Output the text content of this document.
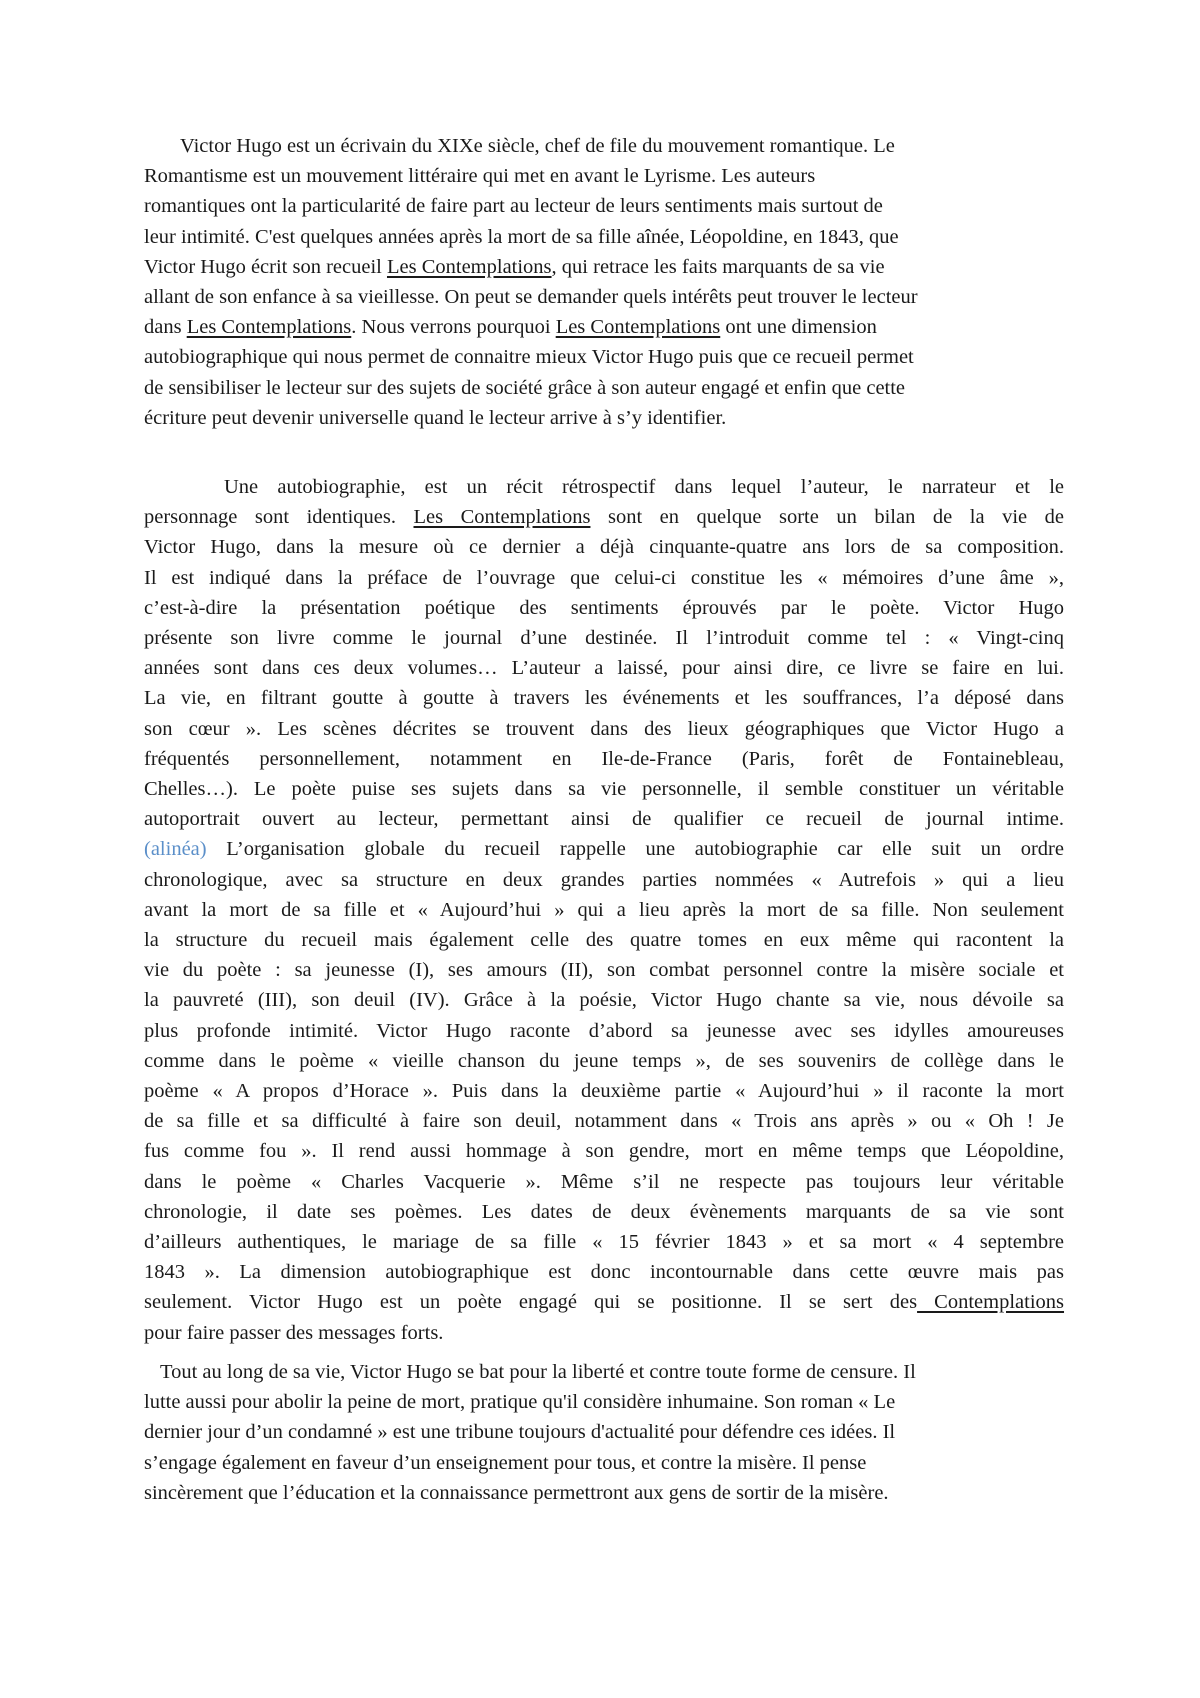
Victor Hugo est un écrivain du XIXe siècle, chef de file du mouvement romantique. Le
Romantisme est un mouvement littéraire qui met en avant le Lyrisme. Les auteurs
romantiques ont la particularité de faire part au lecteur de leurs sentiments mais surtout de
leur intimité. C'est quelques années après la mort de sa fille aînée, Léopoldine, en 1843, que
Victor Hugo écrit son recueil Les Contemplations, qui retrace les faits marquants de sa vie
allant de son enfance à sa vieillesse. On peut se demander quels intérêts peut trouver le lecteur
dans Les Contemplations. Nous verrons pourquoi Les Contemplations ont une dimension
autobiographique qui nous permet de connaitre mieux Victor Hugo puis que ce recueil permet
de sensibiliser le lecteur sur des sujets de société grâce à son auteur engagé et enfin que cette
écriture peut devenir universelle quand le lecteur arrive à s’y identifier.
Une autobiographie, est un récit rétrospectif dans lequel l’auteur, le narrateur et le
personnage sont identiques. Les Contemplations sont en quelque sorte un bilan de la vie de
Victor Hugo, dans la mesure où ce dernier a déjà cinquante-quatre ans lors de sa composition.
Il est indiqué dans la préface de l’ouvrage que celui-ci constitue les « mémoires d’une âme »,
c’est-à-dire la présentation poétique des sentiments éprouvés par le poète. Victor Hugo
présente son livre comme le journal d’une destinée. Il l’introduit comme tel : « Vingt-cinq
années sont dans ces deux volumes… L’auteur a laissé, pour ainsi dire, ce livre se faire en lui.
La vie, en filtrant goutte à goutte à travers les événements et les souffrances, l’a déposé dans
son cœur ». Les scènes décrites se trouvent dans des lieux géographiques que Victor Hugo a
fréquentés personnellement, notamment en Ile-de-France (Paris, forêt de Fontainebleau,
Chelles…). Le poète puise ses sujets dans sa vie personnelle, il semble constituer un véritable
autoportrait ouvert au lecteur, permettant ainsi de qualifier ce recueil de journal intime.
(alinéa) L’organisation globale du recueil rappelle une autobiographie car elle suit un ordre
chronologique, avec sa structure en deux grandes parties nommées « Autrefois » qui a lieu
avant la mort de sa fille et « Aujourd’hui » qui a lieu après la mort de sa fille. Non seulement
la structure du recueil mais également celle des quatre tomes en eux même qui racontent la
vie du poète : sa jeunesse (I), ses amours (II), son combat personnel contre la misère sociale et
la pauvreté (III), son deuil (IV). Grâce à la poésie, Victor Hugo chante sa vie, nous dévoile sa
plus profonde intimité. Victor Hugo raconte d’abord sa jeunesse avec ses idylles amoureuses
comme dans le poème « vieille chanson du jeune temps », de ses souvenirs de collège dans le
poème « A propos d’Horace ». Puis dans la deuxième partie « Aujourd’hui » il raconte la mort
de sa fille et sa difficulté à faire son deuil, notamment dans « Trois ans après » ou « Oh ! Je
fus comme fou ». Il rend aussi hommage à son gendre, mort en même temps que Léopoldine,
dans le poème « Charles Vacquerie ». Même s’il ne respecte pas toujours leur véritable
chronologie, il date ses poèmes. Les dates de deux évènements marquants de sa vie sont
d’ailleurs authentiques, le mariage de sa fille « 15 février 1843 » et sa mort « 4 septembre
1843 ». La dimension autobiographique est donc incontournable dans cette œuvre mais pas
seulement. Victor Hugo est un poète engagé qui se positionne. Il se sert des Contemplations
pour faire passer des messages forts.
Tout au long de sa vie, Victor Hugo se bat pour la liberté et contre toute forme de censure. Il
lutte aussi pour abolir la peine de mort, pratique qu'il considère inhumaine. Son roman « Le
dernier jour d’un condamné » est une tribune toujours d'actualité pour défendre ces idées. Il
s’engage également en faveur d’un enseignement pour tous, et contre la misère. Il pense
sincèrement que l’éducation et la connaissance permettront aux gens de sortir de la misère.
